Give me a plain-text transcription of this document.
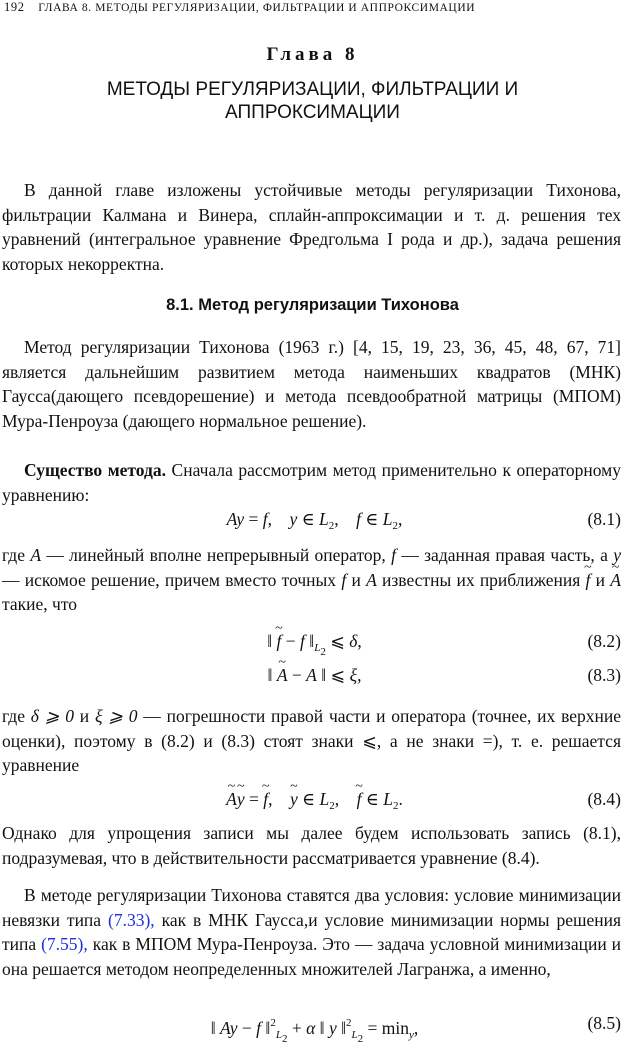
192 ГЛАВА 8. МЕТОДЫ РЕГУЛЯРИЗАЦИИ, ФИЛЬТРАЦИИ И АППРОКСИМАЦИИ
Глава 8
МЕТОДЫ РЕГУЛЯРИЗАЦИИ, ФИЛЬТРАЦИИ И АППРОКСИМАЦИИ

В данной главе изложены устойчивые методы регуляризации Тихонова, фильтрации Калмана и Винера, сплайн-аппроксимации и т. д. решения тех уравнений (интегральное уравнение Фредгольма I рода и др.), задача решения которых некорректна.

8.1. Метод регуляризации Тихонова

Метод регуляризации Тихонова (1963 г.) [4, 15, 19, 23, 36, 45, 48, 67, 71] является дальнейшим развитием метода наименьших квадратов (МНК) Гаусса(дающего псевдорешение) и метода псевдообратной матрицы (МПОМ) Мура-Пенроуза (дающего нормальное решение).

Существо метода. Сначала рассмотрим метод применительно к операторному уравнению:

Ay = f,    y ∈ $L_2$,    f ∈ $L_2$,	(8.1)

где A — линейный вполне непрерывный оператор, f — заданная правая часть, а y — искомое решение, причем вместо точных f и A известны их приближения ~ f и ~ A такие, что

‖ ~ f − f $‖_{L_2}$ ⩽ δ,	(8.2)
‖ ~ A − A ‖ ⩽ ξ,	(8.3)

где δ ⩾ 0 и ξ ⩾ 0 — погрешности правой части и оператора (точнее, их верхние оценки), поэтому в (8.2) и (8.3) стоят знаки ⩽, а не знаки =), т. е. решается уравнение

~ A~ y = ~ f,    ~ y ∈ $L_2$,    ~ f ∈ $L_2$.	(8.4)

Однако для упрощения записи мы далее будем использовать запись (8.1), подразумевая, что в действительности рассматривается уравнение (8.4).

В методе регуляризации Тихонова ставятся два условия: условие минимизации невязки типа (7.33), как в МНК Гаусса,и условие минимизации нормы решения типа (7.55), как в МПОМ Мура-Пенроуза. Это — задача условной минимизации и она решается методом неопределенных множителей Лагранжа, а именно,

‖ Ay − f ‖$^2_{L_2}$ + α ‖ y ‖$^2_{L_2}$ = $\min_y$,	(8.5)
